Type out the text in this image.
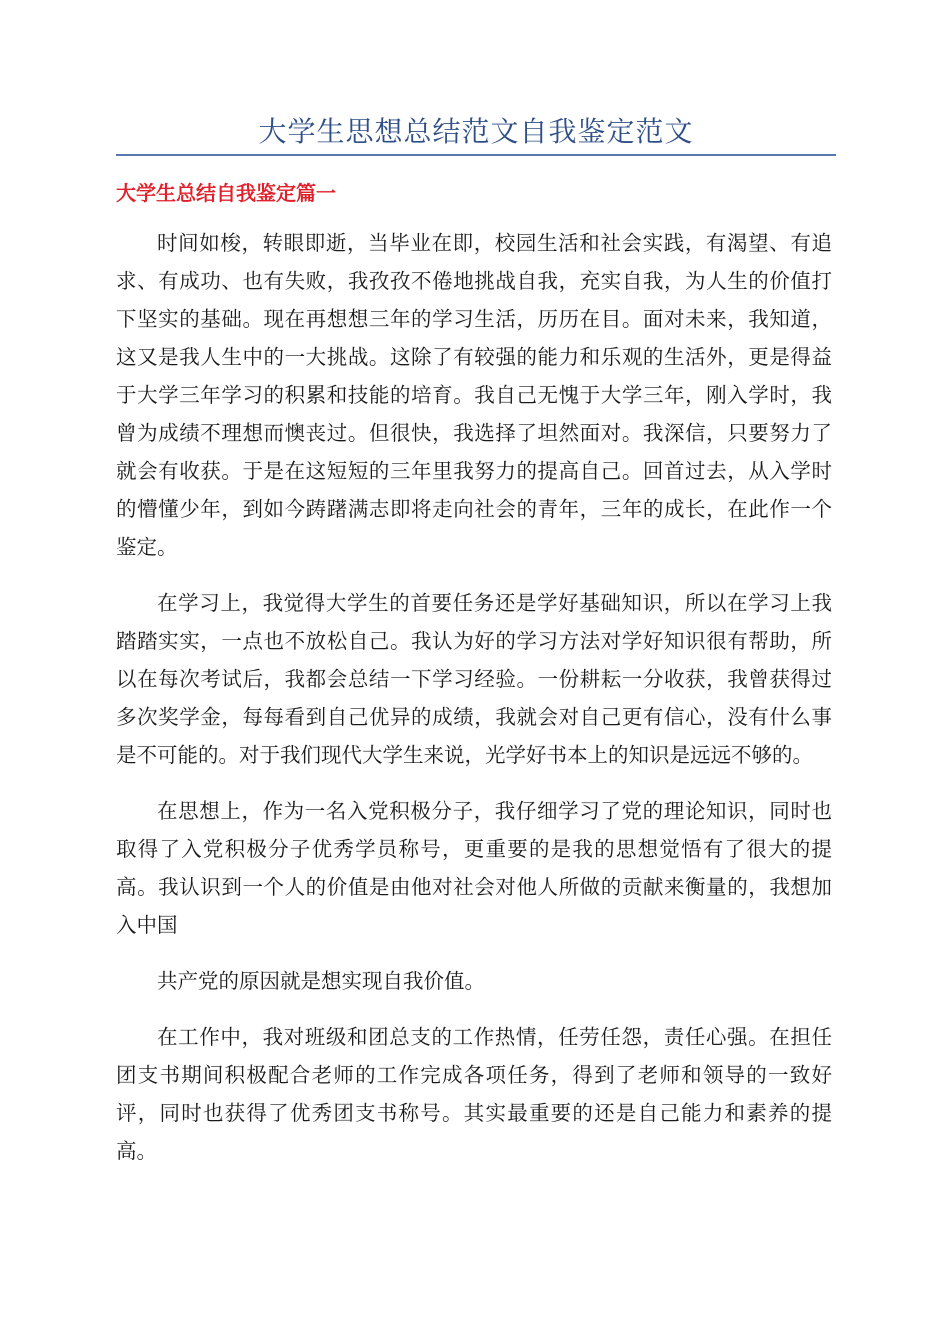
大学生思想总结范文自我鉴定范文
大学生总结自我鉴定篇一

时间如梭，转眼即逝，当毕业在即，校园生活和社会实践，有渴望、有追求、有成功、也有失败，我孜孜不倦地挑战自我，充实自我，为人生的价值打下坚实的基础。现在再想想三年的学习生活，历历在目。面对未来，我知道，这又是我人生中的一大挑战。这除了有较强的能力和乐观的生活外，更是得益于大学三年学习的积累和技能的培育。我自己无愧于大学三年，刚入学时，我曾为成绩不理想而懊丧过。但很快，我选择了坦然面对。我深信，只要努力了就会有收获。于是在这短短的三年里我努力的提高自己。回首过去，从入学时的懵懂少年，到如今踌躇满志即将走向社会的青年，三年的成长，在此作一个鉴定。

在学习上，我觉得大学生的首要任务还是学好基础知识，所以在学习上我踏踏实实，一点也不放松自己。我认为好的学习方法对学好知识很有帮助，所以在每次考试后，我都会总结一下学习经验。一份耕耘一分收获，我曾获得过多次奖学金，每每看到自己优异的成绩，我就会对自己更有信心，没有什么事是不可能的。对于我们现代大学生来说，光学好书本上的知识是远远不够的。

在思想上，作为一名入党积极分子，我仔细学习了党的理论知识，同时也取得了入党积极分子优秀学员称号，更重要的是我的思想觉悟有了很大的提高。我认识到一个人的价值是由他对社会对他人所做的贡献来衡量的，我想加入中国

共产党的原因就是想实现自我价值。

在工作中，我对班级和团总支的工作热情，任劳任怨，责任心强。在担任团支书期间积极配合老师的工作完成各项任务，得到了老师和领导的一致好评，同时也获得了优秀团支书称号。其实最重要的还是自己能力和素养的提高。
